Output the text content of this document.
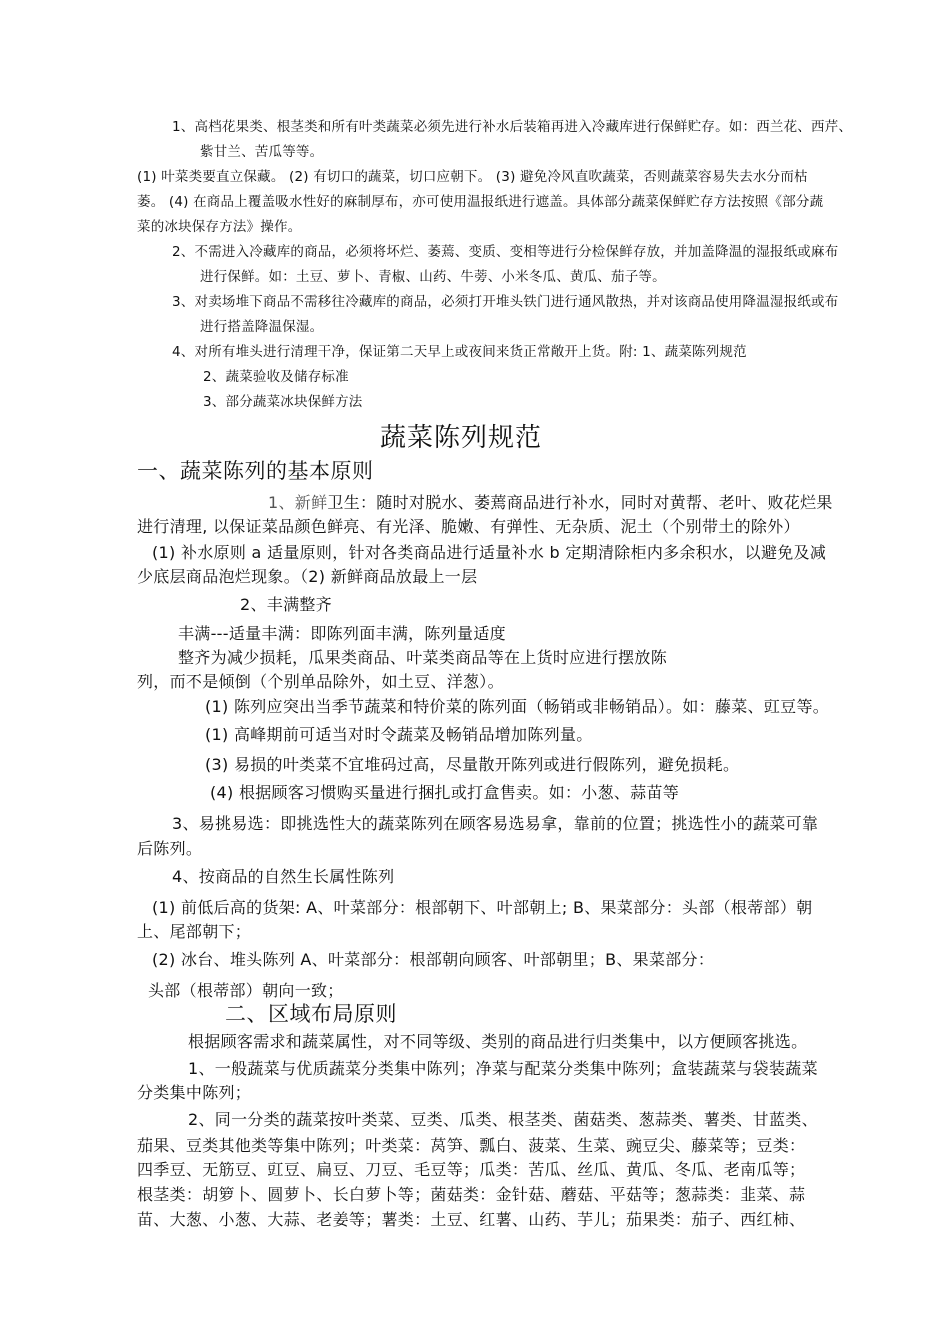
1、高档花果类、根茎类和所有叶类蔬菜必须先进行补水后装箱再进入冷藏库进行保鲜贮存。如：西兰花、西芹、
紫甘兰、苦瓜等等。
(1) 叶菜类要直立保藏。 (2) 有切口的蔬菜，切口应朝下。 (3) 避免冷风直吹蔬菜，否则蔬菜容易失去水分而枯
萎。 (4) 在商品上覆盖吸水性好的麻制厚布，亦可使用温报纸进行遮盖。具体部分蔬菜保鲜贮存方法按照《部分蔬
菜的冰块保存方法》操作。
2、不需进入冷藏库的商品，必须将坏烂、萎蔫、变质、变相等进行分检保鲜存放，并加盖降温的湿报纸或麻布
进行保鲜。如：土豆、萝卜、青椒、山药、牛蒡、小米冬瓜、黄瓜、茄子等。
3、对卖场堆下商品不需移往冷藏库的商品，必须打开堆头铁门进行通风散热，并对该商品使用降温湿报纸或布
进行搭盖降温保湿。
4、对所有堆头进行清理干净，保证第二天早上或夜间来货正常敞开上货。附: 1、蔬菜陈列规范
2、蔬菜验收及储存标准
3、部分蔬菜冰块保鲜方法
蔬菜陈列规范
一、蔬菜陈列的基本原则
1、新鲜卫生：随时对脱水、萎蔫商品进行补水，同时对黄帮、老叶、败花烂果
进行清理, 以保证菜品颜色鲜亮、有光泽、脆嫩、有弹性、无杂质、泥土（个别带土的除外）
(1) 补水原则 a 适量原则，针对各类商品进行适量补水 b 定期清除柜内多余积水，以避免及减
少底层商品泡烂现象。（2) 新鲜商品放最上一层
2、丰满整齐
丰满---适量丰满：即陈列面丰满，陈列量适度
整齐为减少损耗，瓜果类商品、叶菜类商品等在上货时应进行摆放陈
列，而不是倾倒（个别单品除外，如土豆、洋葱）。
(1) 陈列应突出当季节蔬菜和特价菜的陈列面（畅销或非畅销品）。如：藤菜、豇豆等。
(1) 高峰期前可适当对时令蔬菜及畅销品增加陈列量。
(3) 易损的叶类菜不宜堆码过高，尽量散开陈列或进行假陈列，避免损耗。
(4) 根据顾客习惯购买量进行捆扎或打盒售卖。如：小葱、蒜苗等
3、易挑易选：即挑选性大的蔬菜陈列在顾客易选易拿，靠前的位置；挑选性小的蔬菜可靠
后陈列。
4、按商品的自然生长属性陈列
(1) 前低后高的货架: A、叶菜部分：根部朝下、叶部朝上; B、果菜部分：头部（根蒂部）朝
上、尾部朝下；
(2) 冰台、堆头陈列 A、叶菜部分：根部朝向顾客、叶部朝里；B、果菜部分：
头部（根蒂部）朝向一致；
二、区域布局原则
根据顾客需求和蔬菜属性，对不同等级、类别的商品进行归类集中，以方便顾客挑选。
1、一般蔬菜与优质蔬菜分类集中陈列；净菜与配菜分类集中陈列；盒装蔬菜与袋装蔬菜
分类集中陈列；
2、同一分类的蔬菜按叶类菜、豆类、瓜类、根茎类、菌菇类、葱蒜类、薯类、甘蓝类、
茄果、豆类其他类等集中陈列；叶类菜：莴笋、瓢白、菠菜、生菜、豌豆尖、藤菜等；豆类：
四季豆、无筋豆、豇豆、扁豆、刀豆、毛豆等；瓜类：苦瓜、丝瓜、黄瓜、冬瓜、老南瓜等；
根茎类：胡箩卜、圆萝卜、长白萝卜等；菌菇类：金针菇、蘑菇、平菇等；葱蒜类：韭菜、蒜
苗、大葱、小葱、大蒜、老姜等；薯类：土豆、红薯、山药、芋儿；茄果类：茄子、西红柿、
